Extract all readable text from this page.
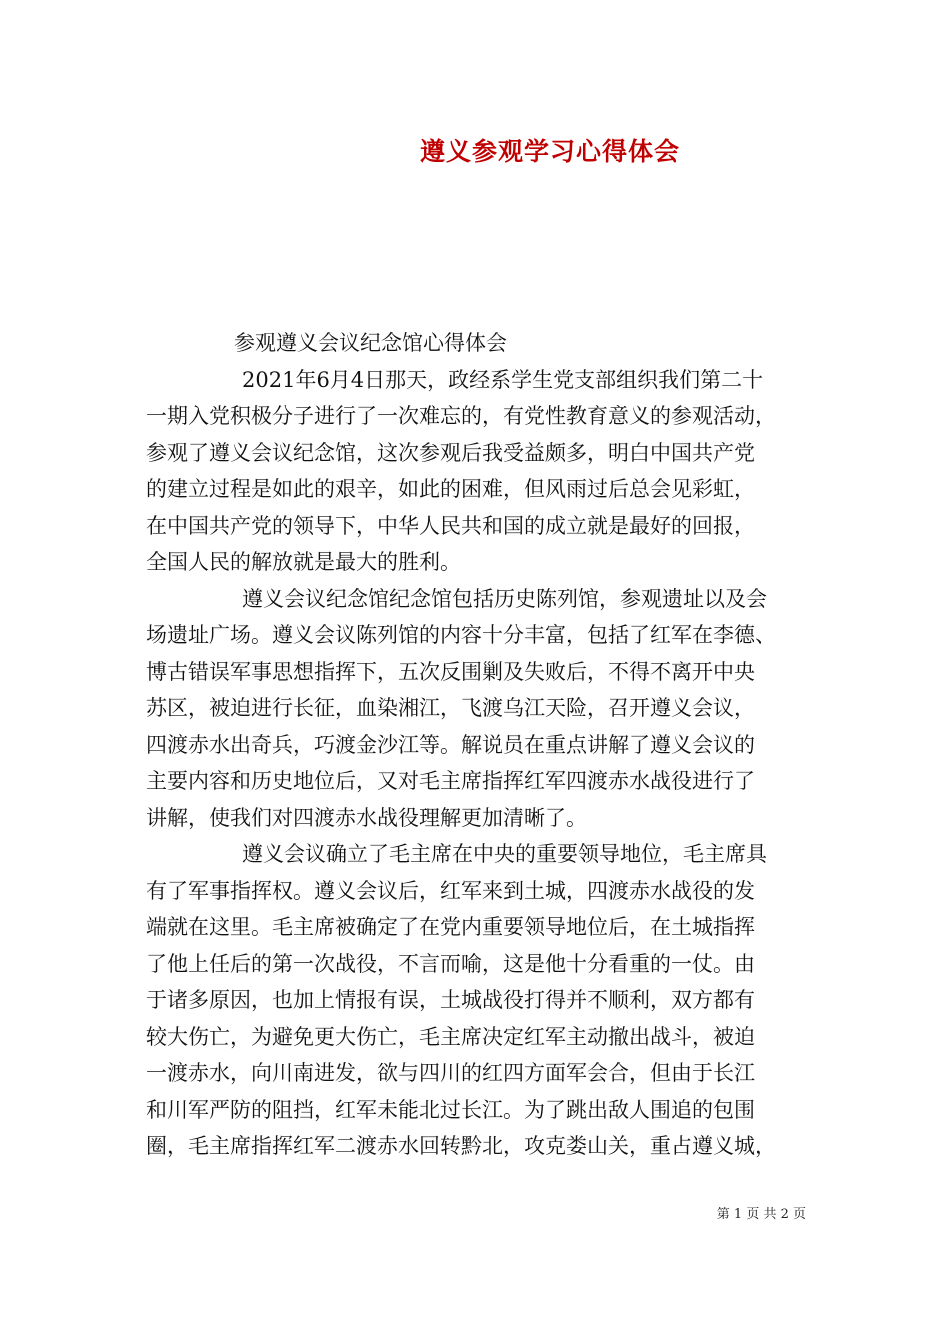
遵义参观学习心得体会

参观遵义会议纪念馆心得体会

2021年6月4日那天，政经系学生党支部组织我们第二十
一期入党积极分子进行了一次难忘的，有党性教育意义的参观活动，
参观了遵义会议纪念馆，这次参观后我受益颇多，明白中国共产党
的建立过程是如此的艰辛，如此的困难，但风雨过后总会见彩虹，
在中国共产党的领导下，中华人民共和国的成立就是最好的回报，
全国人民的解放就是最大的胜利。

遵义会议纪念馆纪念馆包括历史陈列馆，参观遗址以及会
场遗址广场。遵义会议陈列馆的内容十分丰富，包括了红军在李德、
博古错误军事思想指挥下，五次反围剿及失败后，不得不离开中央
苏区，被迫进行长征，血染湘江，飞渡乌江天险，召开遵义会议，
四渡赤水出奇兵，巧渡金沙江等。解说员在重点讲解了遵义会议的
主要内容和历史地位后，又对毛主席指挥红军四渡赤水战役进行了
讲解，使我们对四渡赤水战役理解更加清晰了。

遵义会议确立了毛主席在中央的重要领导地位，毛主席具
有了军事指挥权。遵义会议后，红军来到土城，四渡赤水战役的发
端就在这里。毛主席被确定了在党内重要领导地位后，在土城指挥
了他上任后的第一次战役，不言而喻，这是他十分看重的一仗。由
于诸多原因，也加上情报有误，土城战役打得并不顺利，双方都有
较大伤亡，为避免更大伤亡，毛主席决定红军主动撤出战斗，被迫
一渡赤水，向川南进发，欲与四川的红四方面军会合，但由于长江
和川军严防的阻挡，红军未能北过长江。为了跳出敌人围追的包围
圈，毛主席指挥红军二渡赤水回转黔北，攻克娄山关，重占遵义城，

第 1 页 共 2 页
